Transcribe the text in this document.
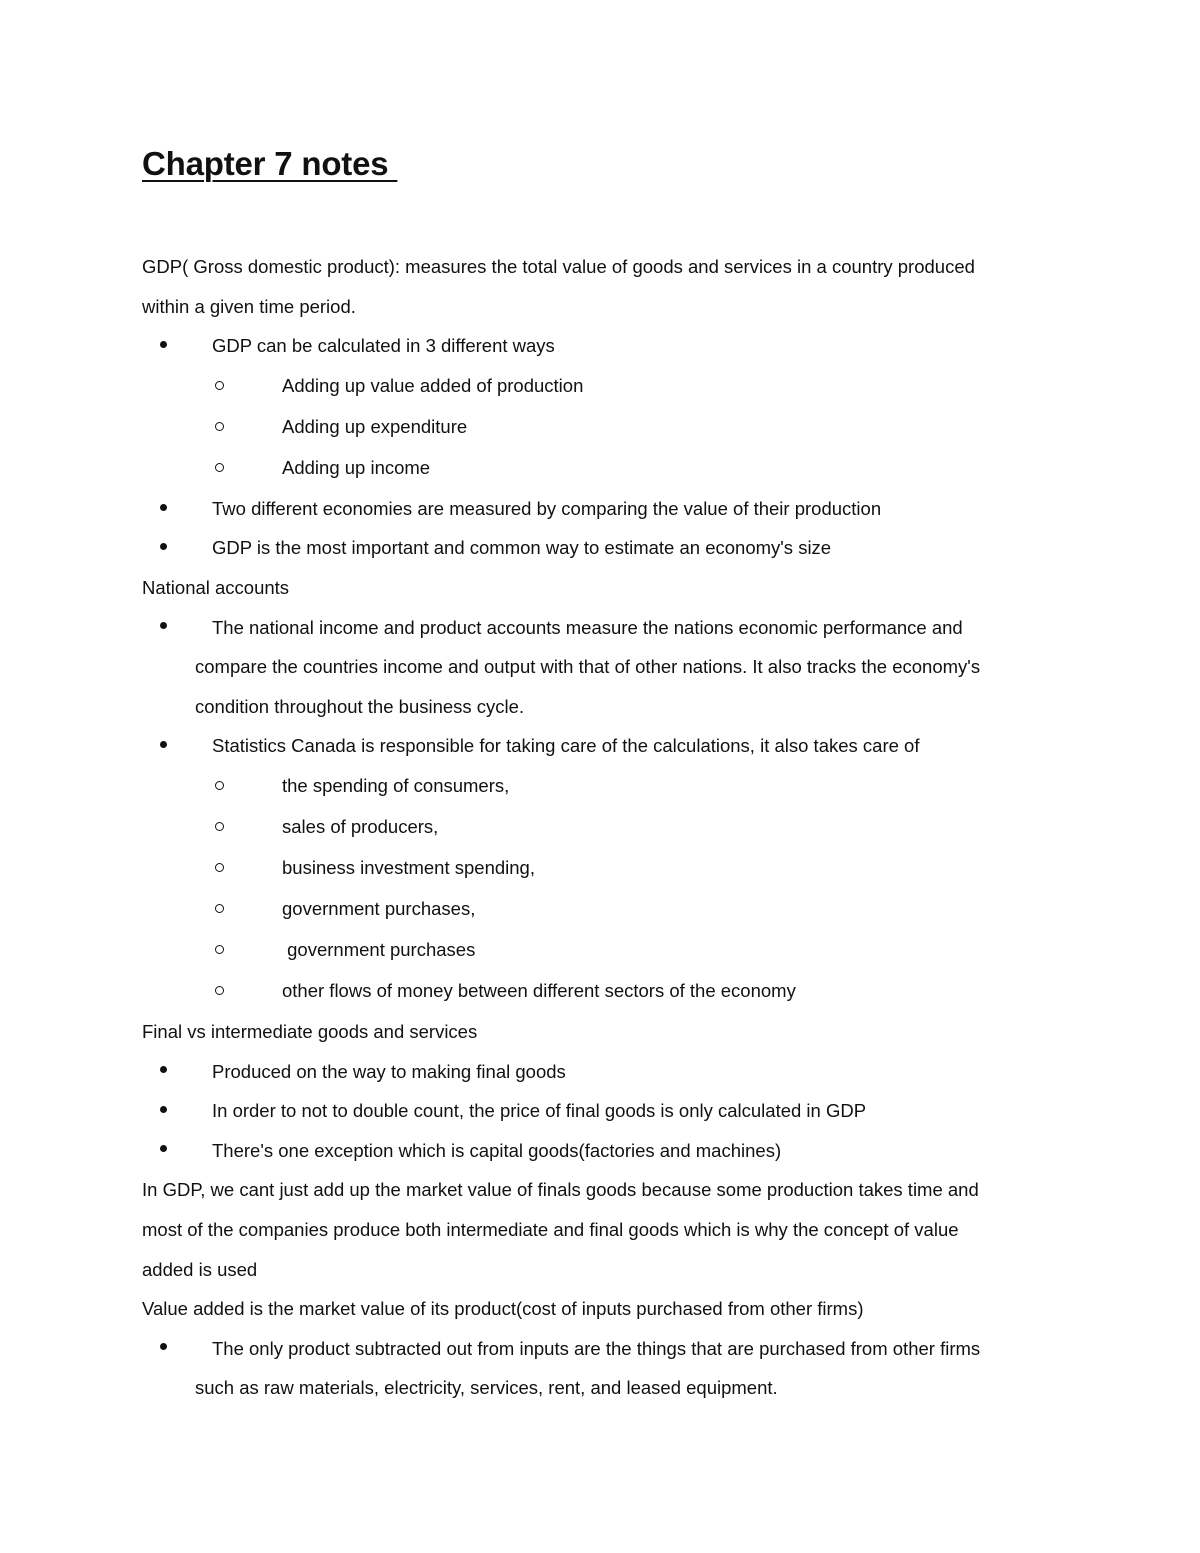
Chapter 7 notes

GDP( Gross domestic product): measures the total value of goods and services in a country produced

within a given time period.

GDP can be calculated in 3 different ways
Adding up value added of production
Adding up expenditure
Adding up income
Two different economies are measured by comparing the value of their production
GDP is the most important and common way to estimate an economy's size

National accounts

The national income and product accounts measure the nations economic performance and
compare the countries income and output with that of other nations. It also tracks the economy's
condition throughout the business cycle.
Statistics Canada is responsible for taking care of the calculations, it also takes care of
the spending of consumers,
sales of producers,
business investment spending,
government purchases,
government purchases
other flows of money between different sectors of the economy

Final vs intermediate goods and services

Produced on the way to making final goods
In order to not to double count, the price of final goods is only calculated in GDP
There's one exception which is capital goods(factories and machines)

In GDP, we cant just add up the market value of finals goods because some production takes time and

most of the companies produce both intermediate and final goods which is why the concept of value

added is used

Value added is the market value of its product(cost of inputs purchased from other firms)

The only product subtracted out from inputs are the things that are purchased from other firms
such as raw materials, electricity, services, rent, and leased equipment.
